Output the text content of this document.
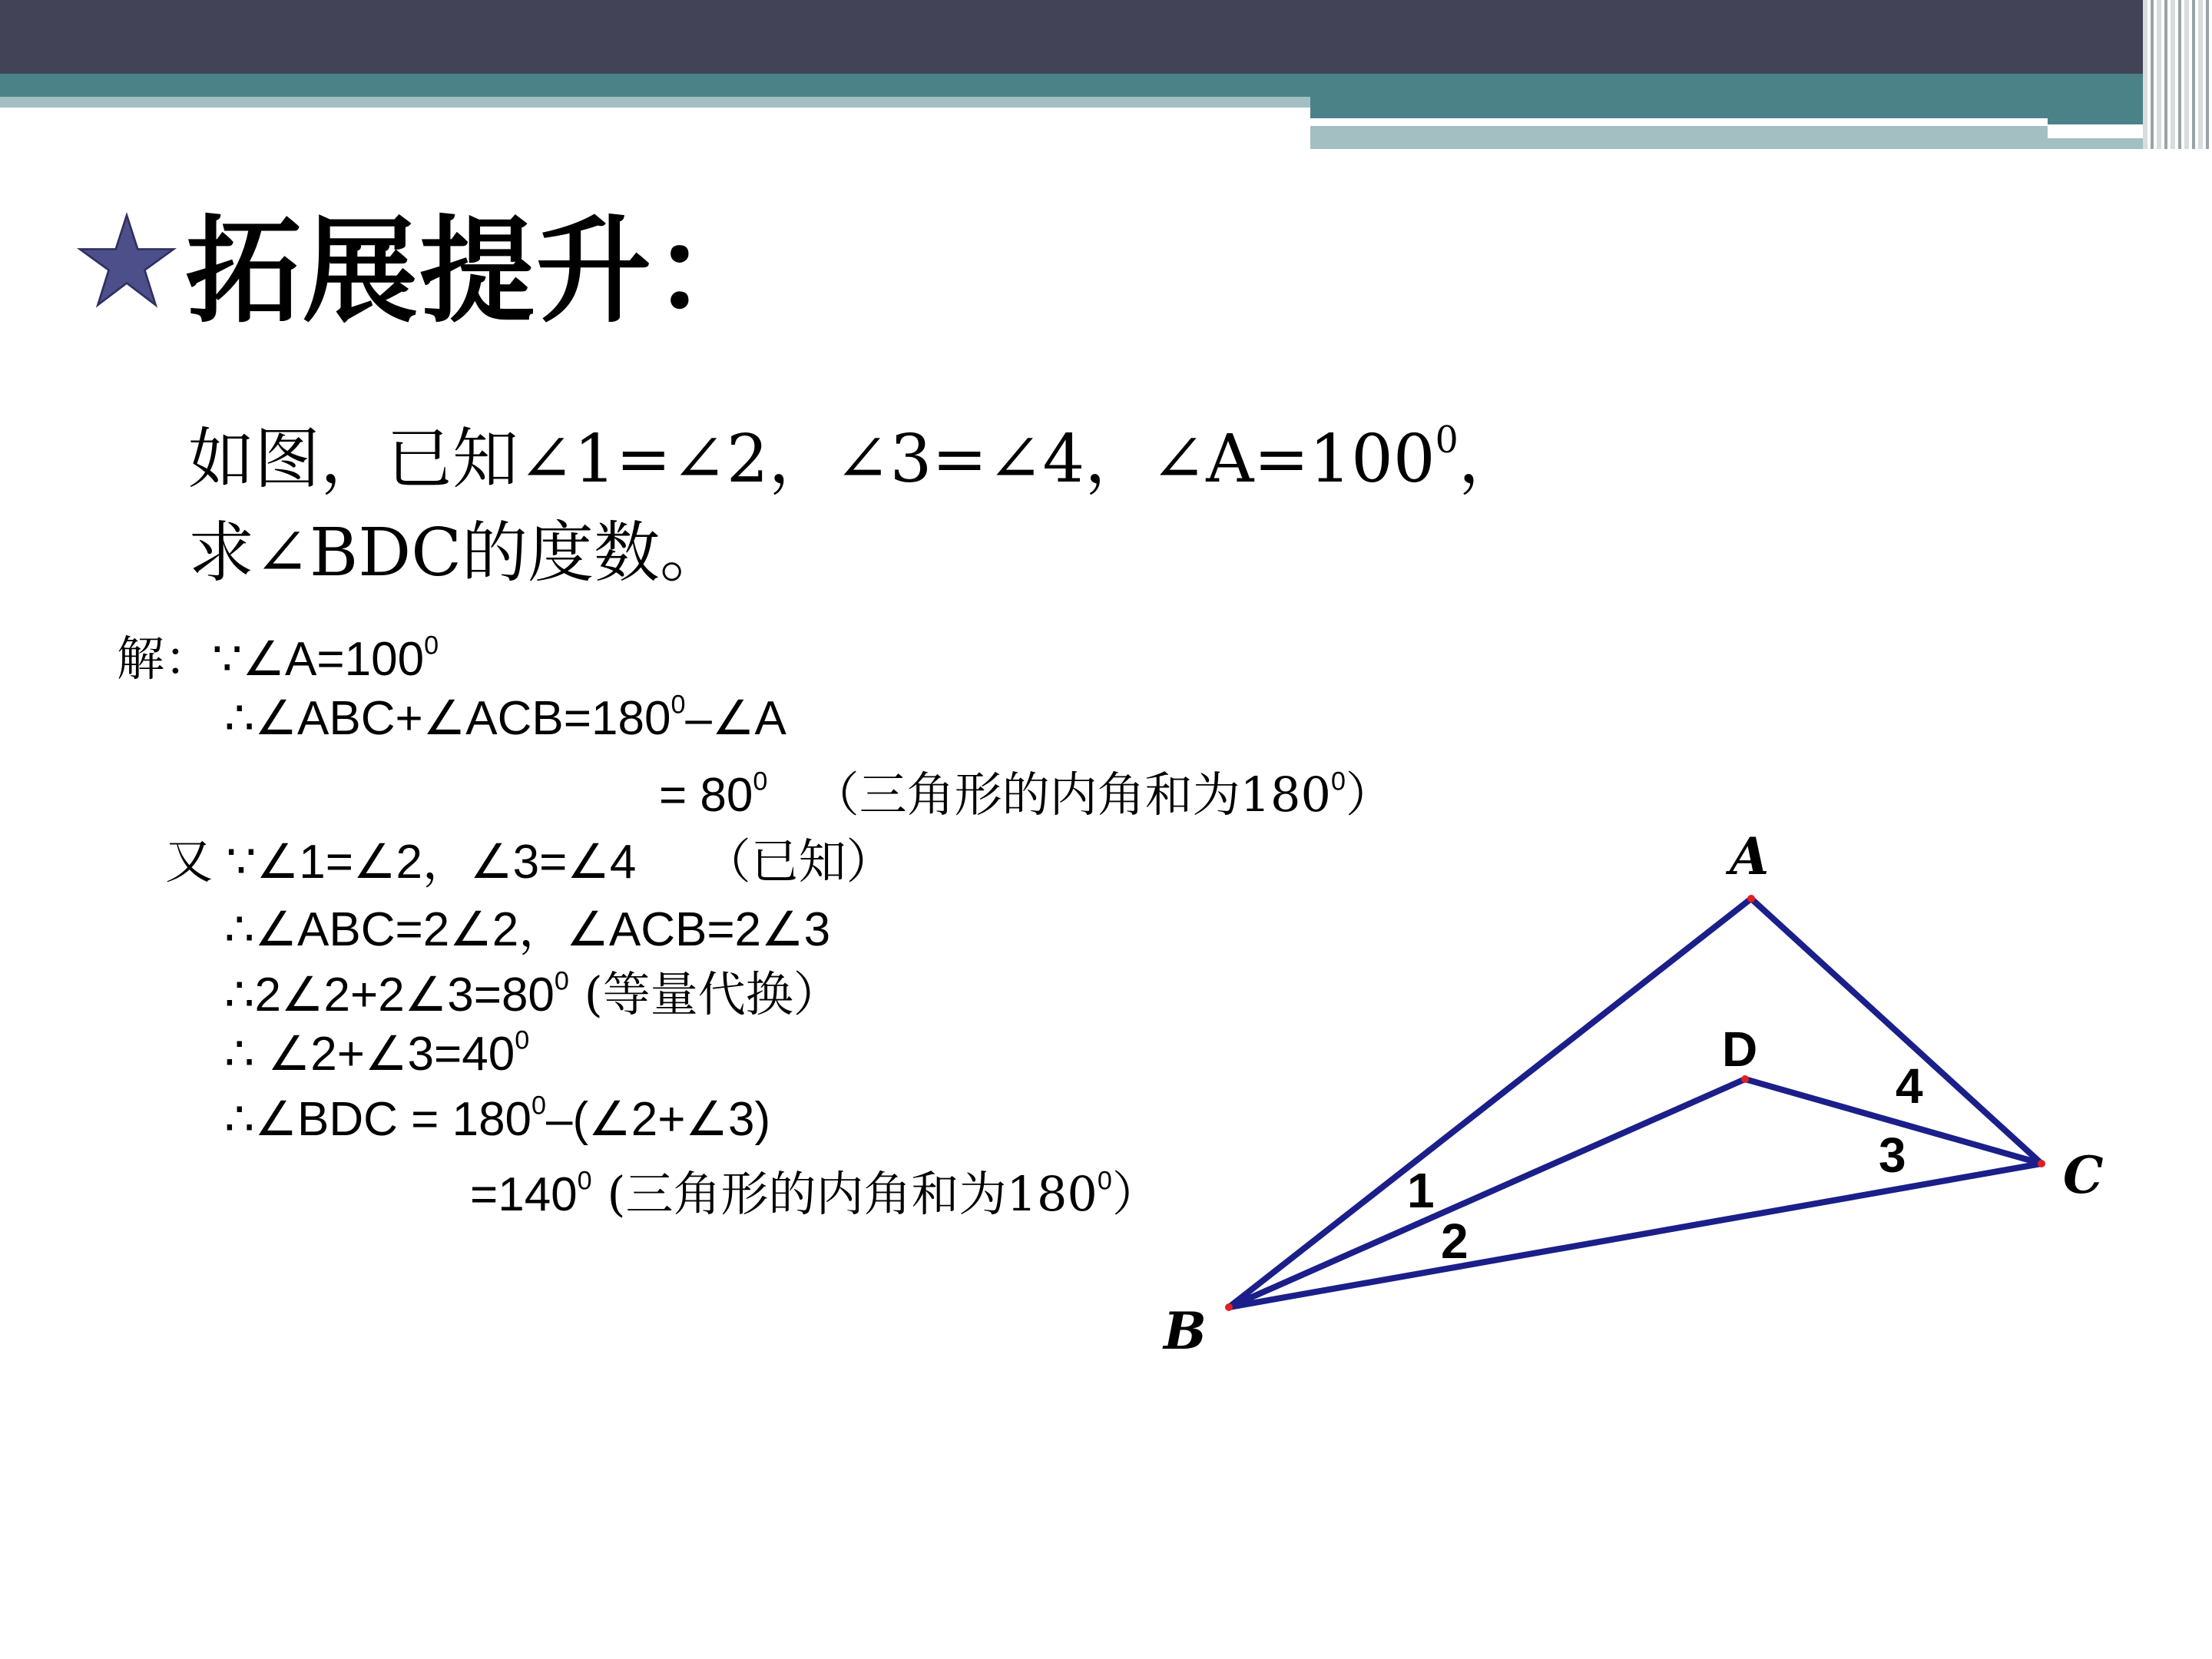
拓展提升：
如图，已知∠1=∠2，∠3=∠4，$\angle A=100^0$，
求∠BDC的度数。
解：$\because\angle A=100^0$
$\therefore\angle ABC+\angle ACB=180^0-\angle A$
= $80^0$ （三角形的内角和为$180^0$）
又 ∵∠1=∠2，∠3=∠4 （已知）
∴∠ABC=2∠2，∠ACB=2∠3
$\therefore 2\angle 2+2\angle 3=80^0$ (等量代换）
∴ $\angle 2+\angle 3=40^0$
∴∠BDC = $180^0-(\angle 2+\angle 3)$
$=140^0$ (三角形的内角和为$180^0$）
A
B
C
D
1
2
3
4
